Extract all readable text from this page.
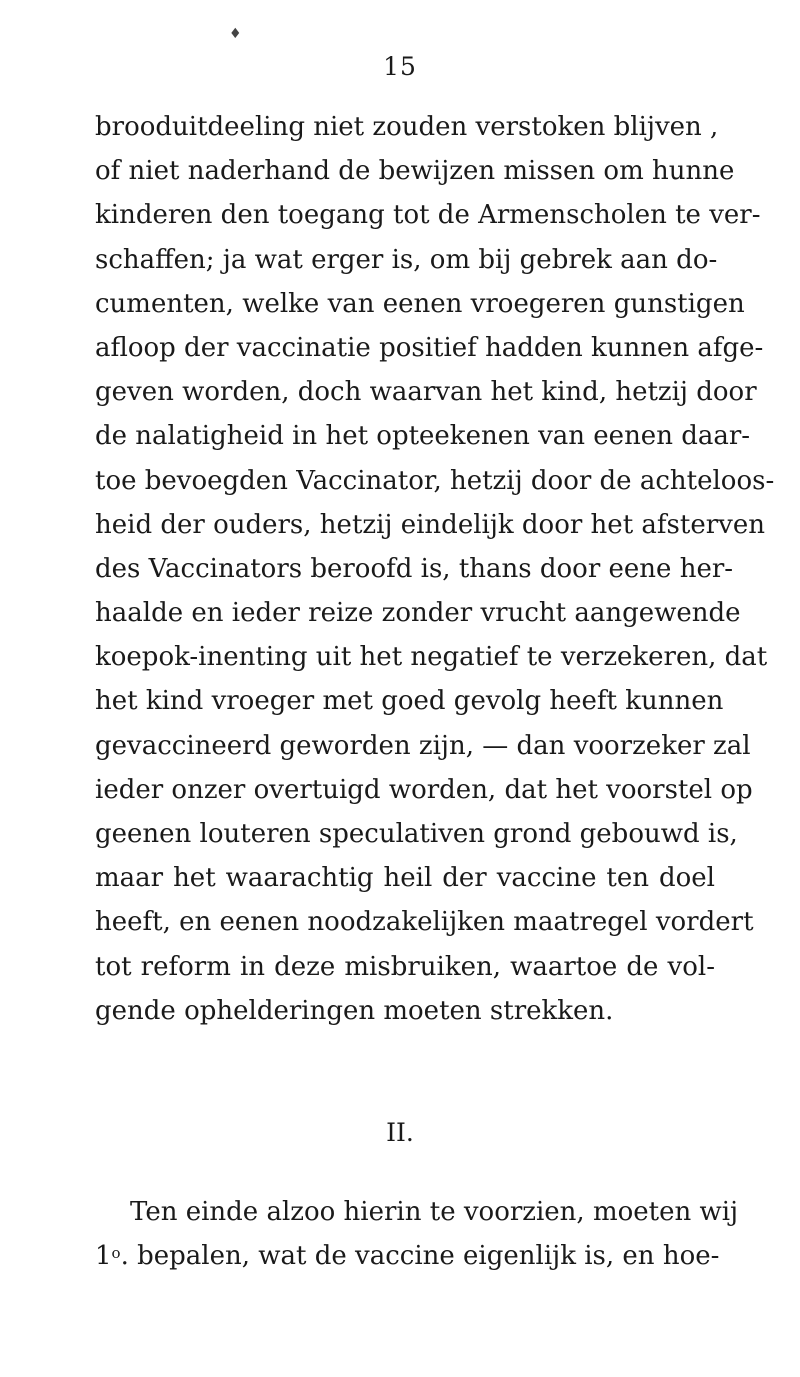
♦
15
brooduitdeeling niet zouden verstoken blijven ,
of niet naderhand de bewijzen missen om hunne
kinderen den toegang tot de Armenscholen te ver-
schaffen; ja wat erger is, om bij gebrek aan do-
cumenten, welke van eenen vroegeren gunstigen
afloop der vaccinatie positief hadden kunnen afge-
geven worden, doch waarvan het kind, hetzij door
de nalatigheid in het opteekenen van eenen daar-
toe bevoegden Vaccinator, hetzij door de achteloos-
heid der ouders, hetzij eindelijk door het afsterven
des Vaccinators beroofd is, thans door eene her-
haalde en ieder reize zonder vrucht aangewende
koepok-inenting uit het negatief te verzekeren, dat
het kind vroeger met goed gevolg heeft kunnen
gevaccineerd geworden zijn, — dan voorzeker zal
ieder onzer overtuigd worden, dat het voorstel op
geenen louteren speculativen grond gebouwd is,
maar het waarachtig heil der vaccine ten doel
heeft, en eenen noodzakelijken maatregel vordert
tot reform in deze misbruiken, waartoe de vol-
gende ophelderingen moeten strekken.
II.
Ten einde alzoo hierin te voorzien, moeten wij
1$^o$. bepalen, wat de vaccine eigenlijk is, en hoe-
